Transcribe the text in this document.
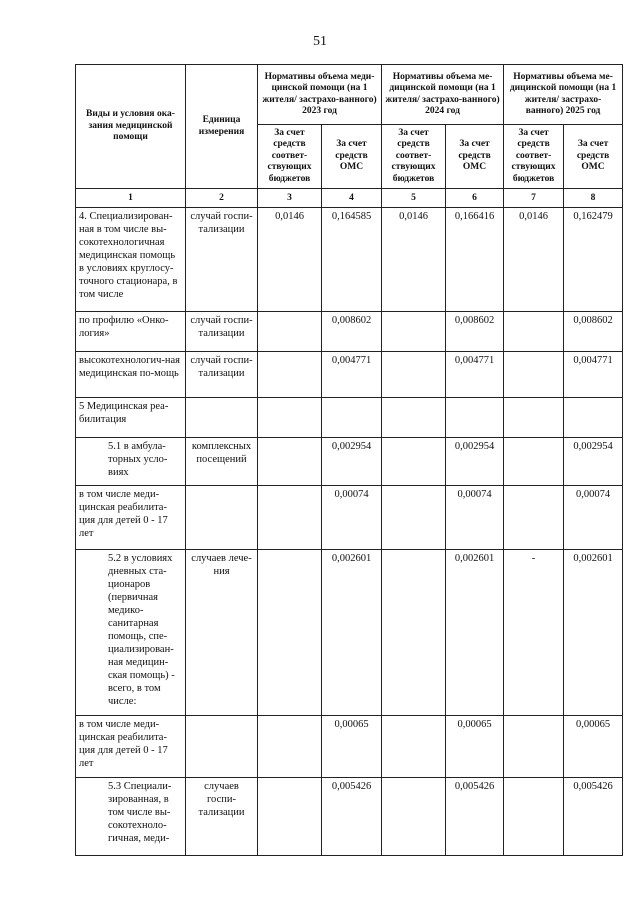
51
Виды и условия ока-зания медицинской помощи	Единица измерения	Нормативы объема меди-цинской помощи (на 1 жителя/ застрахо-ванного) 2023 год		Нормативы объема ме-дицинской помощи (на 1 жителя/ застрахо-ванного) 2024 год		Нормативы объема ме-дицинской помощи (на 1 жителя/ застрахо-ванного) 2025 год	
		За счет средств соответ-ствующих бюджетов	За счет средств ОМС	За счет средств соответ-ствующих бюджетов	За счет средств ОМС	За счет средств соответ-ствующих бюджетов	За счет средств ОМС
1	2	3	4	5	6	7	8
4. Специализирован-ная в том числе вы-сокотехнологичная медицинская помощь в условиях круглосу-точного стационара, в том числе	случай госпи-тализации	0,0146	0,164585	0,0146	0,166416	0,0146	0,162479
по профилю «Онко-логия»	случай госпи-тализации		0,008602		0,008602		0,008602
высокотехнологич-ная медицинская по-мощь	случай госпи-тализации		0,004771		0,004771		0,004771
5 Медицинская реа-билитация							
5.1 в амбула-торных усло-виях	комплексных посещений		0,002954		0,002954		0,002954
в том числе меди-цинская реабилита-ция для детей 0 - 17 лет			0,00074		0,00074		0,00074
5.2 в условиях дневных ста-ционаров (первичная медико-санитарная помощь, спе-циализирован-ная медицин-ская помощь) - всего, в том числе:	случаев лече-ния		0,002601		0,002601	-	0,002601
в том числе меди-цинская реабилита-ция для детей 0 - 17 лет			0,00065		0,00065		0,00065
5.3 Специали-зированная, в том числе вы-сокотехноло-гичная, меди-	случаев госпи-тализации		0,005426		0,005426		0,005426
